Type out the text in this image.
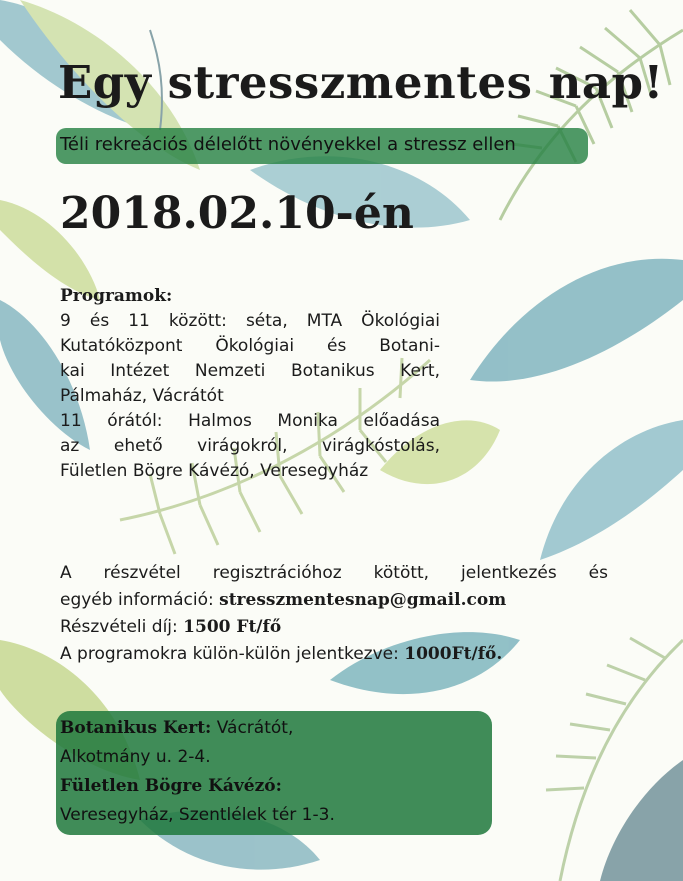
Egy stresszmentes nap!
Téli rekreációs délelőtt növényekkel a stressz ellen
2018.02.10-én
Programok:
9 és 11 között: séta, MTA Ökológiai
Kutatóközpont Ökológiai és Botani-
kai Intézet Nemzeti Botanikus Kert,
Pálmaház, Vácrátót
11 órától: Halmos Monika előadása
az ehető virágokról, virágkóstolás,
Fületlen Bögre Kávézó, Veresegyház
A részvétel regisztrációhoz kötött, jelentkezés és
egyéb információ: stresszmentesnap@gmail.com
Részvételi díj: 1500 Ft/fő
A programokra külön-külön jelentkezve: 1000Ft/fő.
Botanikus Kert: Vácrátót,
Alkotmány u. 2-4.
Fületlen Bögre Kávézó:
Veresegyház, Szentlélek tér 1-3.
